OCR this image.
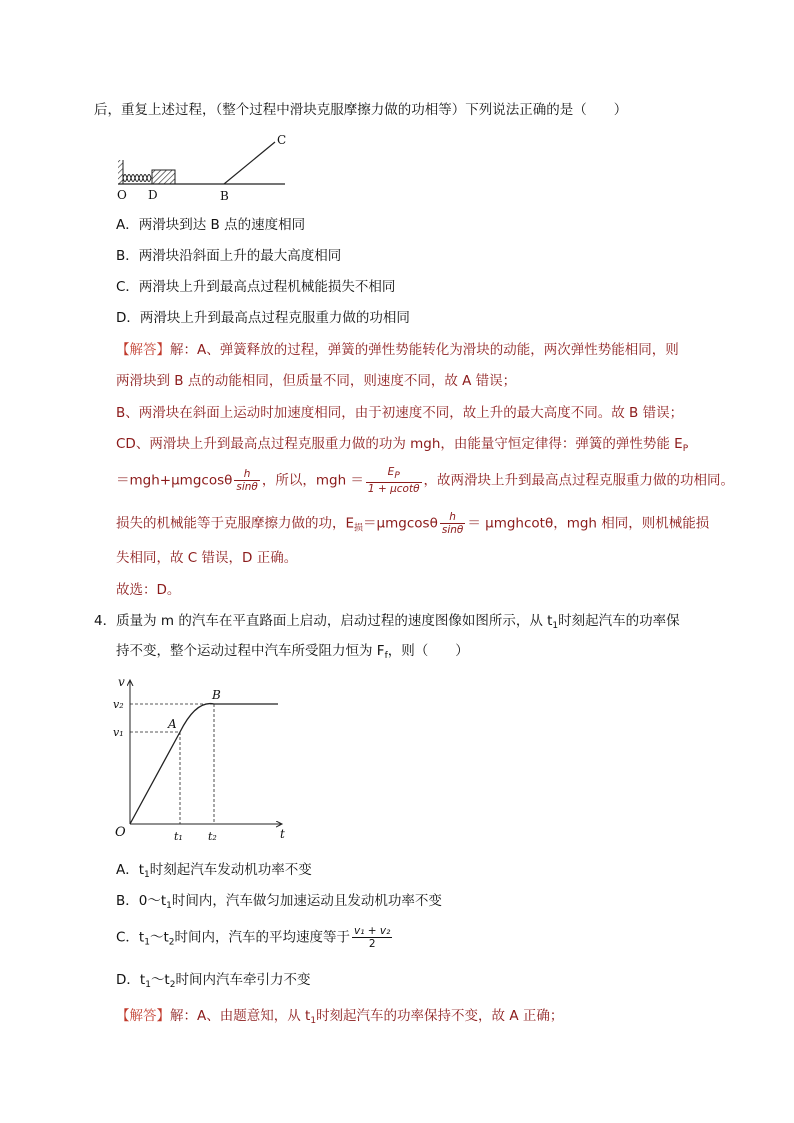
后，重复上述过程，（整个过程中滑块克服摩擦力做的功相等）下列说法正确的是（　　）
C
O D	B
A．两滑块到达 B 点的速度相同
B．两滑块沿斜面上升的最大高度相同
C．两滑块上升到最高点过程机械能损失不相同
D．两滑块上升到最高点过程克服重力做的功相同
【解答】解：A、弹簧释放的过程，弹簧的弹性势能转化为滑块的动能，两次弹性势能相同，则
两滑块到 B 点的动能相同，但质量不同，则速度不同，故 A 错误；
B、两滑块在斜面上运动时加速度相同，由于初速度不同，故上升的最大高度不同。故 B 错误；
CD、两滑块上升到最高点过程克服重力做的功为 mgh，由能量守恒定律得：弹簧的弹性势能 $E_P$
$=mgh+\mu mgcos\theta \frac{h}{\sin\theta}$ ，所以，mgh ＝ $\frac{E_P}{1 + \mu\cot\theta}$ ，故两滑块上升到最高点过程克服重力做的功相同。
损失的机械能等于克服摩擦力做的功，$E_损=\mu mgcos\theta \frac{h}{\sin\theta} = \mu mghcot\theta$，mgh 相同，则机械能损
失相同，故 C 错误，D 正确。
故选：D。
4．质量为 m 的汽车在平直路面上启动，启动过程的速度图像如图所示，从 $t_1$时刻起汽车的功率保
持不变，整个运动过程中汽车所受阻力恒为 $F_f$，则（　　）
v
t
O
v₁
v₂
t₁ t₂
A
B
A．$t_1$时刻起汽车发动机功率不变
B．$0\sim t_1$时间内，汽车做匀加速运动且发动机功率不变
C．$t_1\sim t_2$时间内，汽车的平均速度等于 $\frac{\text{v₁ + v₂}}{2}$
D．$t_1\sim t_2$时间内汽车牵引力不变
【解答】解：A、由题意知，从 $t_1$时刻起汽车的功率保持不变，故 A 正确；
